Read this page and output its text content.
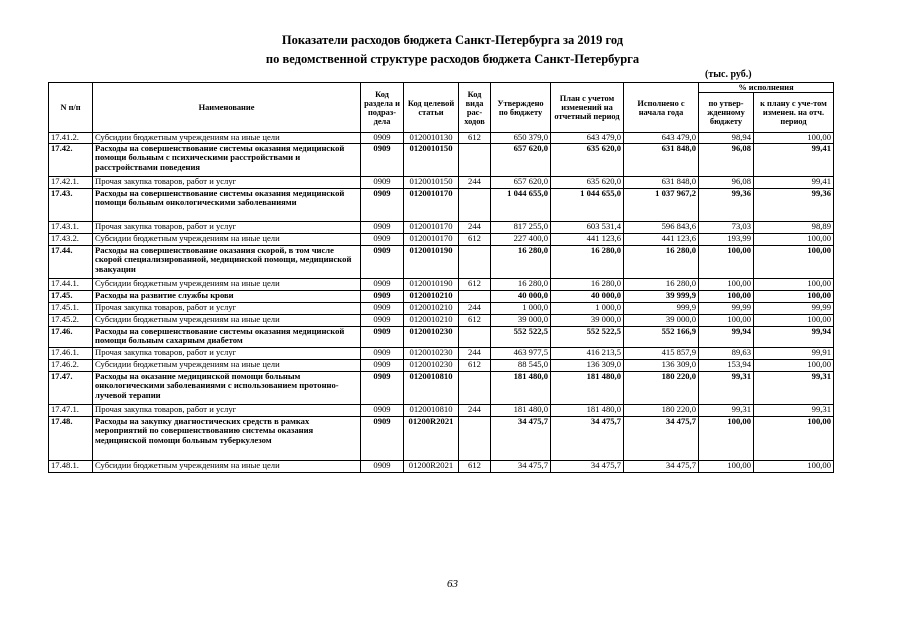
Показатели расходов бюджета Санкт-Петербурга за 2019 год
по ведомственной структуре расходов бюджета Санкт-Петербурга
(тыс. руб.)
N п/п	Наименование	Код раздела и подраз-дела	Код целевой статьи	Код вида рас-ходов	Утверждено по бюджету	План с учетом изменений на отчетный период	Исполнено с начала года	% исполнения	
								по утвер-жденному бюджету	к плану с уче-том изменен. на отч. период
17.41.2.	Субсидии бюджетным учреждениям на иные цели	0909	0120010130	612	650 379,0	643 479,0	643 479,0	98,94	100,00
17.42.	Расходы на совершенствование системы оказания медицинской помощи больным с психическими расстройствами и расстройствами поведения	0909	0120010150		657 620,0	635 620,0	631 848,0	96,08	99,41
17.42.1.	Прочая закупка товаров, работ и услуг	0909	0120010150	244	657 620,0	635 620,0	631 848,0	96,08	99,41
17.43.	Расходы на совершенствование системы оказания медицинской помощи больным онкологическими заболеваниями	0909	0120010170		1 044 655,0	1 044 655,0	1 037 967,2	99,36	99,36
17.43.1.	Прочая закупка товаров, работ и услуг	0909	0120010170	244	817 255,0	603 531,4	596 843,6	73,03	98,89
17.43.2.	Субсидии бюджетным учреждениям на иные цели	0909	0120010170	612	227 400,0	441 123,6	441 123,6	193,99	100,00
17.44.	Расходы на совершенствование оказания скорой, в том числе скорой специализированной, медицинской помощи, медицинской эвакуации	0909	0120010190		16 280,0	16 280,0	16 280,0	100,00	100,00
17.44.1.	Субсидии бюджетным учреждениям на иные цели	0909	0120010190	612	16 280,0	16 280,0	16 280,0	100,00	100,00
17.45.	Расходы на развитие службы крови	0909	0120010210		40 000,0	40 000,0	39 999,9	100,00	100,00
17.45.1.	Прочая закупка товаров, работ и услуг	0909	0120010210	244	1 000,0	1 000,0	999,9	99,99	99,99
17.45.2.	Субсидии бюджетным учреждениям на иные цели	0909	0120010210	612	39 000,0	39 000,0	39 000,0	100,00	100,00
17.46.	Расходы на совершенствование системы оказания медицинской помощи больным сахарным диабетом	0909	0120010230		552 522,5	552 522,5	552 166,9	99,94	99,94
17.46.1.	Прочая закупка товаров, работ и услуг	0909	0120010230	244	463 977,5	416 213,5	415 857,9	89,63	99,91
17.46.2.	Субсидии бюджетным учреждениям на иные цели	0909	0120010230	612	88 545,0	136 309,0	136 309,0	153,94	100,00
17.47.	Расходы на оказание медицинской помощи больным онкологическими заболеваниями с использованием протонно-лучевой терапии	0909	0120010810		181 480,0	181 480,0	180 220,0	99,31	99,31
17.47.1.	Прочая закупка товаров, работ и услуг	0909	0120010810	244	181 480,0	181 480,0	180 220,0	99,31	99,31
17.48.	Расходы на закупку диагностических средств в рамках мероприятий по совершенствованию системы оказания медицинской помощи больным туберкулезом	0909	01200R2021		34 475,7	34 475,7	34 475,7	100,00	100,00
17.48.1.	Субсидии бюджетным учреждениям на иные цели	0909	01200R2021	612	34 475,7	34 475,7	34 475,7	100,00	100,00
63
